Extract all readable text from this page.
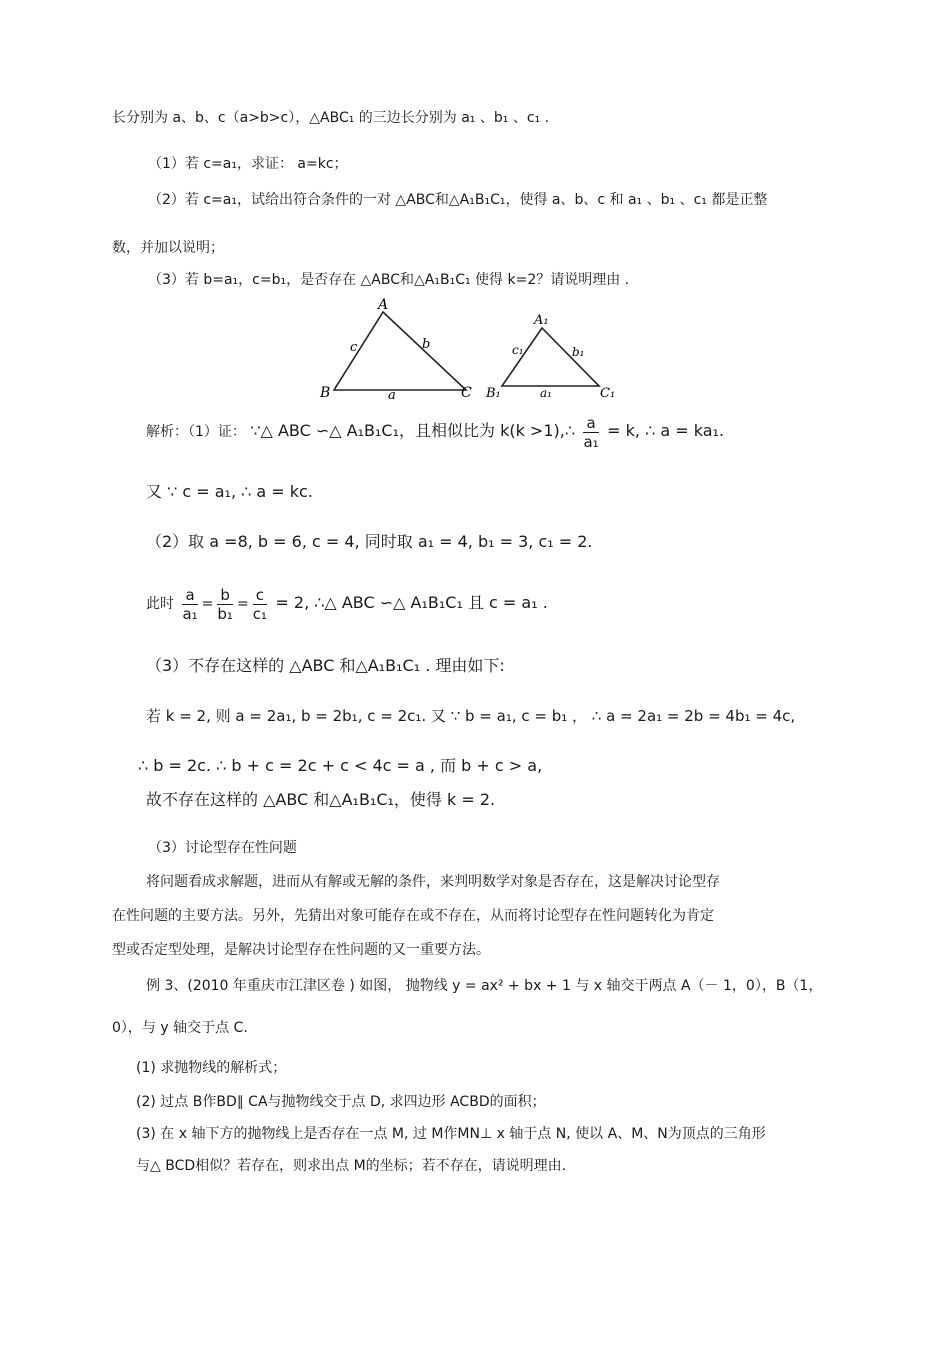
长分别为 a、b、c（a>b>c），△ABC₁ 的三边长分别为 a₁ 、b₁ 、c₁ .
（1）若 c=a₁，求证： a=kc；
（2）若 c=a₁，试给出符合条件的一对 △ABC和△A₁B₁C₁，使得 a、b、c 和 a₁ 、b₁ 、c₁ 都是正整
数，并加以说明；
（3）若 b=a₁，c=b₁，是否存在 △ABC和△A₁B₁C₁ 使得 k=2？请说明理由 .
A
B	C
c	b
a
A₁
B₁	C₁
c₁	b₁
a₁
解析：（1）证： ∵△ ABC ∽△ A₁B₁C₁，且相似比为 k(k >1),∴ $\frac{a}{\text{a₁}} = k$, ∴ a = ka₁.
又 ∵ c = a₁, ∴ a = kc.
（2）取 a =8, b = 6, c = 4, 同时取 a₁ = 4, b₁ = 3, c₁ = 2.
此时 $\frac{a}{\text{a₁}} = \frac{b}{\text{b₁}} = \frac{c}{\text{c₁}} = 2$, ∴△ ABC ∽△ A₁B₁C₁ 且 c = a₁ .
（3）不存在这样的 △ABC 和△A₁B₁C₁ . 理由如下:
若 k = 2, 则 a = 2a₁, b = 2b₁, c = 2c₁. 又 ∵ b = a₁, c = b₁ ， ∴ a = 2a₁ = 2b = 4b₁ = 4c,
∴ b = 2c. ∴ b + c = 2c + c < 4c = a , 而 b + c > a,
故不存在这样的 △ABC 和△A₁B₁C₁，使得 k = 2.
（3）讨论型存在性问题
将问题看成求解题，进而从有解或无解的条件，来判明数学对象是否存在，这是解决讨论型存
在性问题的主要方法。另外，先猜出对象可能存在或不存在，从而将讨论型存在性问题转化为肯定
型或否定型处理，是解决讨论型存在性问题的又一重要方法。
例 3、(2010 年重庆市江津区卷 ) 如图， 抛物线 y = ax² + bx + 1 与 x 轴交于两点 A（－ 1，0），B（1，
0），与 y 轴交于点 C.
(1) 求抛物线的解析式；
(2) 过点 B作BD∥ CA与抛物线交于点 D, 求四边形 ACBD的面积；
(3) 在 x 轴下方的抛物线上是否存在一点 M, 过 M作MN⊥ x 轴于点 N, 使以 A、M、N为顶点的三角形
与△ BCD相似？若存在，则求出点 M的坐标；若不存在，请说明理由.
